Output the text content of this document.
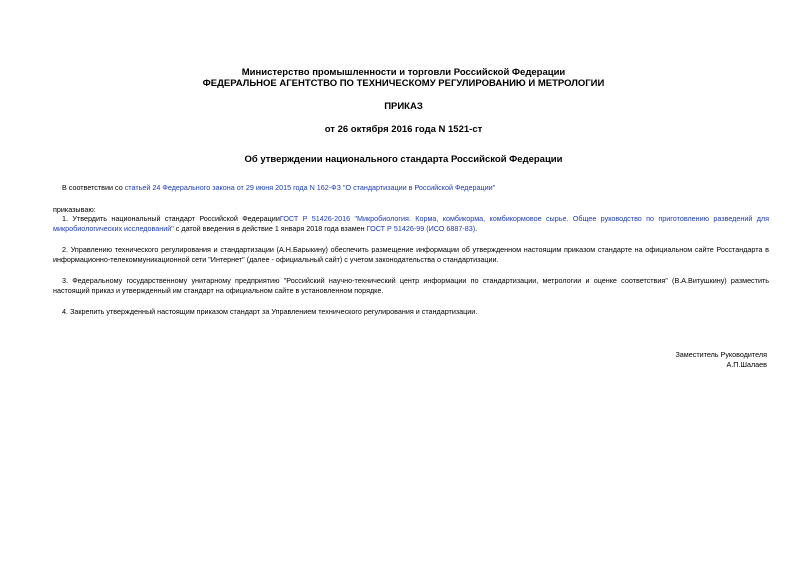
Министерство промышленности и торговли Российской Федерации
ФЕДЕРАЛЬНОЕ АГЕНТСТВО ПО ТЕХНИЧЕСКОМУ РЕГУЛИРОВАНИЮ И МЕТРОЛОГИИ
ПРИКАЗ
от 26 октября 2016 года N 1521-ст
Об утверждении национального стандарта Российской Федерации
В соответствии со статьей 24 Федерального закона от 29 июня 2015 года N 162-ФЗ "О стандартизации в Российской Федерации"
приказываю:
1. Утвердить национальный стандарт Российской ФедерацииГОСТ Р 51426-2016 "Микробиология. Корма, комбикорма, комбикормовое сырье. Общее руководство по приготовлению разведений для микробиологических исследований" с датой введения в действие 1 января 2018 года взамен ГОСТ Р 51426-99 (ИСО 6887-83).
2. Управлению технического регулирования и стандартизации (А.Н.Барыкину) обеспечить размещение информации об утвержденном настоящим приказом стандарте на официальном сайте Росстандарта в информационно-телекоммуникационной сети "Интернет" (далее - официальный сайт) с учетом законодательства о стандартизации.
3. Федеральному государственному унитарному предприятию "Российский научно-технический центр информации по стандартизации, метрологии и оценке соответствия" (В.А.Витушкину) разместить настоящий приказ и утвержденный им стандарт на официальном сайте в установленном порядке.
4. Закрепить утвержденный настоящим приказом стандарт за Управлением технического регулирования и стандартизации.
Заместитель Руководителя
А.П.Шалаев
